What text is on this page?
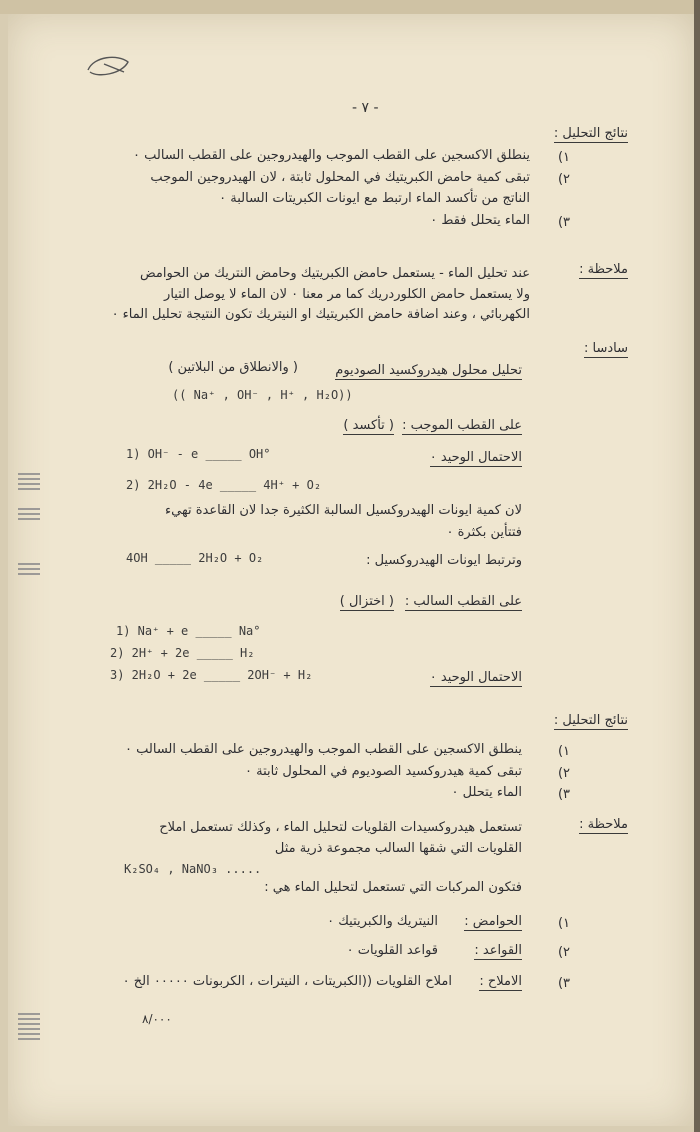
- ٧ -
نتائج التحليل :
١)
ينطلق الاكسجين على القطب الموجب والهيدروجين على القطب السالب ٠
٢)
تبقى كمية حامض الكبريتيك في المحلول ثابتة ، لان الهيدروجين الموجب
الناتج من تأكسد الماء ارتبط مع ايونات الكبريتات السالبة ٠
٣)
الماء يتحلل فقط ٠
ملاحظة :
عند تحليل الماء - يستعمل حامض الكبريتيك وحامض النتريك من الحوامض
ولا يستعمل حامض الكلوردريك كما مر معنا ٠ لان الماء لا يوصل التيار
الكهربائي ، وعند اضافة حامض الكبريتيك او النيتريك تكون النتيجة تحليل الماء ٠
سادسا :
تحليل محلول هيدروكسيد الصوديوم
( والانطلاق من البلاتين )
(( Na⁺ , OH⁻ , H⁺ , H₂O))
على القطب الموجب :
( تأكسد )
الاحتمال الوحيد ٠
1) OH⁻ - e _____ OH°
2) 2H₂O - 4e _____ 4H⁺ + O₂
لان كمية ايونات الهيدروكسيل السالبة الكثيرة جدا لان القاعدة تهيء
فتتأين بكثرة ٠
وترتبط ايونات الهيدروكسيل :
4OH _____ 2H₂O + O₂
على القطب السالب :
( اختزال )
1) Na⁺ + e _____ Na°
2) 2H⁺ + 2e _____ H₂
3) 2H₂O + 2e _____ 2OH⁻ + H₂	الاحتمال الوحيد ٠
نتائج التحليل :
١)
ينطلق الاكسجين على القطب الموجب والهيدروجين على القطب السالب ٠
٢)
تبقى كمية هيدروكسيد الصوديوم في المحلول ثابتة ٠
٣)
الماء يتحلل ٠
ملاحظة :
تستعمل هيدروكسيدات القلويات لتحليل الماء ، وكذلك تستعمل املاح
القلويات التي شقها السالب مجموعة ذرية مثل
K₂SO₄ , NaNO₃ .....
فتكون المركبات التي تستعمل لتحليل الماء هي :
١)
الحوامض :
النيتريك والكبريتيك ٠
٢)
القواعد :
قواعد القلويات ٠
٣)
الاملاح :
املاح القلويات ((الكبريتات ، النيترات ، الكربونات ٠٠٠٠٠ الخ ٠
٨/٠٠٠
